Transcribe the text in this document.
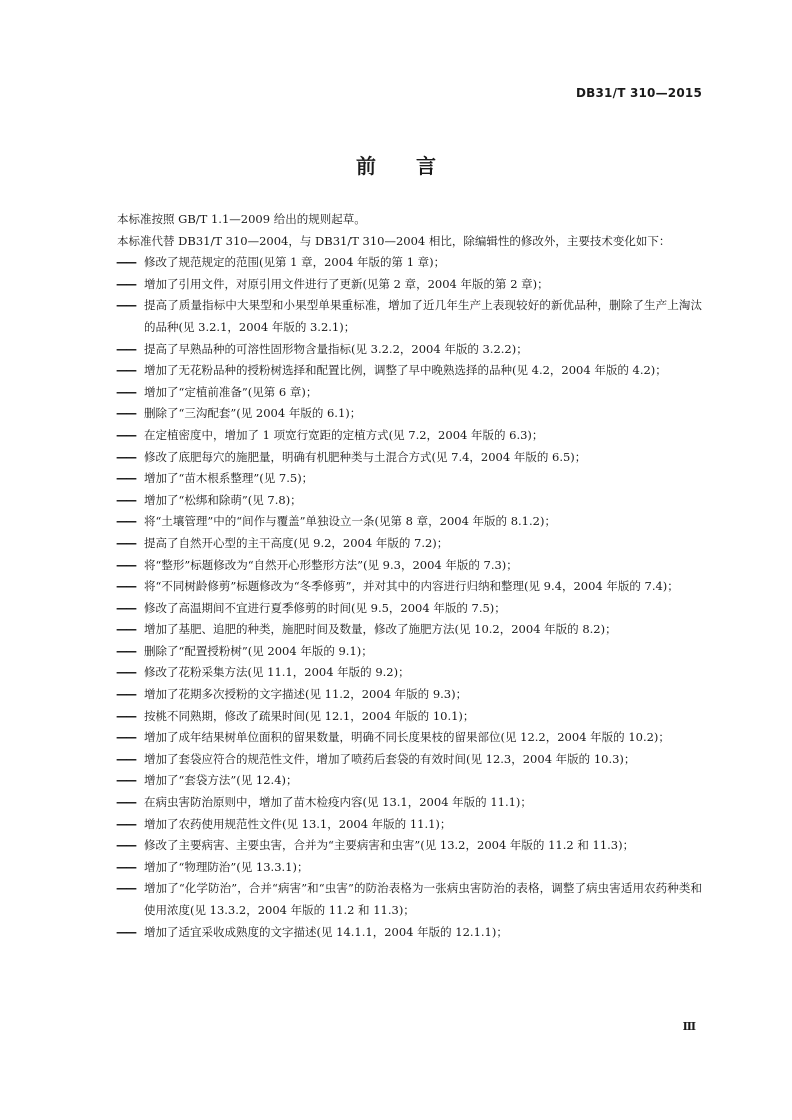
DB31/T 310—2015
前言

本标准按照 GB/T 1.1—2009 给出的规则起草。

本标准代替 DB31/T 310—2004，与 DB31/T 310—2004 相比，除编辑性的修改外，主要技术变化如下：

—— 修改了规范规定的范围(见第 1 章，2004 年版的第 1 章)；
—— 增加了引用文件，对原引用文件进行了更新(见第 2 章，2004 年版的第 2 章)；
—— 提高了质量指标中大果型和小果型单果重标准，增加了近几年生产上表现较好的新优品种，删除了生产上淘汰的品种(见 3.2.1，2004 年版的 3.2.1)；
—— 提高了早熟品种的可溶性固形物含量指标(见 3.2.2，2004 年版的 3.2.2)；
—— 增加了无花粉品种的授粉树选择和配置比例，调整了早中晚熟选择的品种(见 4.2，2004 年版的 4.2)；
—— 增加了“定植前准备”(见第 6 章)；
—— 删除了“三沟配套”(见 2004 年版的 6.1)；
—— 在定植密度中，增加了 1 项宽行宽距的定植方式(见 7.2，2004 年版的 6.3)；
—— 修改了底肥每穴的施肥量，明确有机肥种类与土混合方式(见 7.4，2004 年版的 6.5)；
—— 增加了“苗木根系整理”(见 7.5)；
—— 增加了“松绑和除萌”(见 7.8)；
—— 将“土壤管理”中的“间作与覆盖”单独设立一条(见第 8 章，2004 年版的 8.1.2)；
—— 提高了自然开心型的主干高度(见 9.2，2004 年版的 7.2)；
—— 将“整形”标题修改为“自然开心形整形方法”(见 9.3，2004 年版的 7.3)；
—— 将“不同树龄修剪”标题修改为“冬季修剪”，并对其中的内容进行归纳和整理(见 9.4，2004 年版的 7.4)；
—— 修改了高温期间不宜进行夏季修剪的时间(见 9.5，2004 年版的 7.5)；
—— 增加了基肥、追肥的种类，施肥时间及数量，修改了施肥方法(见 10.2，2004 年版的 8.2)；
—— 删除了“配置授粉树”(见 2004 年版的 9.1)；
—— 修改了花粉采集方法(见 11.1，2004 年版的 9.2)；
—— 增加了花期多次授粉的文字描述(见 11.2，2004 年版的 9.3)；
—— 按桃不同熟期，修改了疏果时间(见 12.1，2004 年版的 10.1)；
—— 增加了成年结果树单位面积的留果数量，明确不同长度果枝的留果部位(见 12.2，2004 年版的 10.2)；
—— 增加了套袋应符合的规范性文件，增加了喷药后套袋的有效时间(见 12.3，2004 年版的 10.3)；
—— 增加了“套袋方法”(见 12.4)；
—— 在病虫害防治原则中，增加了苗木检疫内容(见 13.1，2004 年版的 11.1)；
—— 增加了农药使用规范性文件(见 13.1，2004 年版的 11.1)；
—— 修改了主要病害、主要虫害，合并为“主要病害和虫害”(见 13.2，2004 年版的 11.2 和 11.3)；
—— 增加了“物理防治”(见 13.3.1)；
—— 增加了“化学防治”，合并“病害”和“虫害”的防治表格为一张病虫害防治的表格，调整了病虫害适用农药种类和使用浓度(见 13.3.2，2004 年版的 11.2 和 11.3)；
—— 增加了适宜采收成熟度的文字描述(见 14.1.1，2004 年版的 12.1.1)；
Ⅲ
